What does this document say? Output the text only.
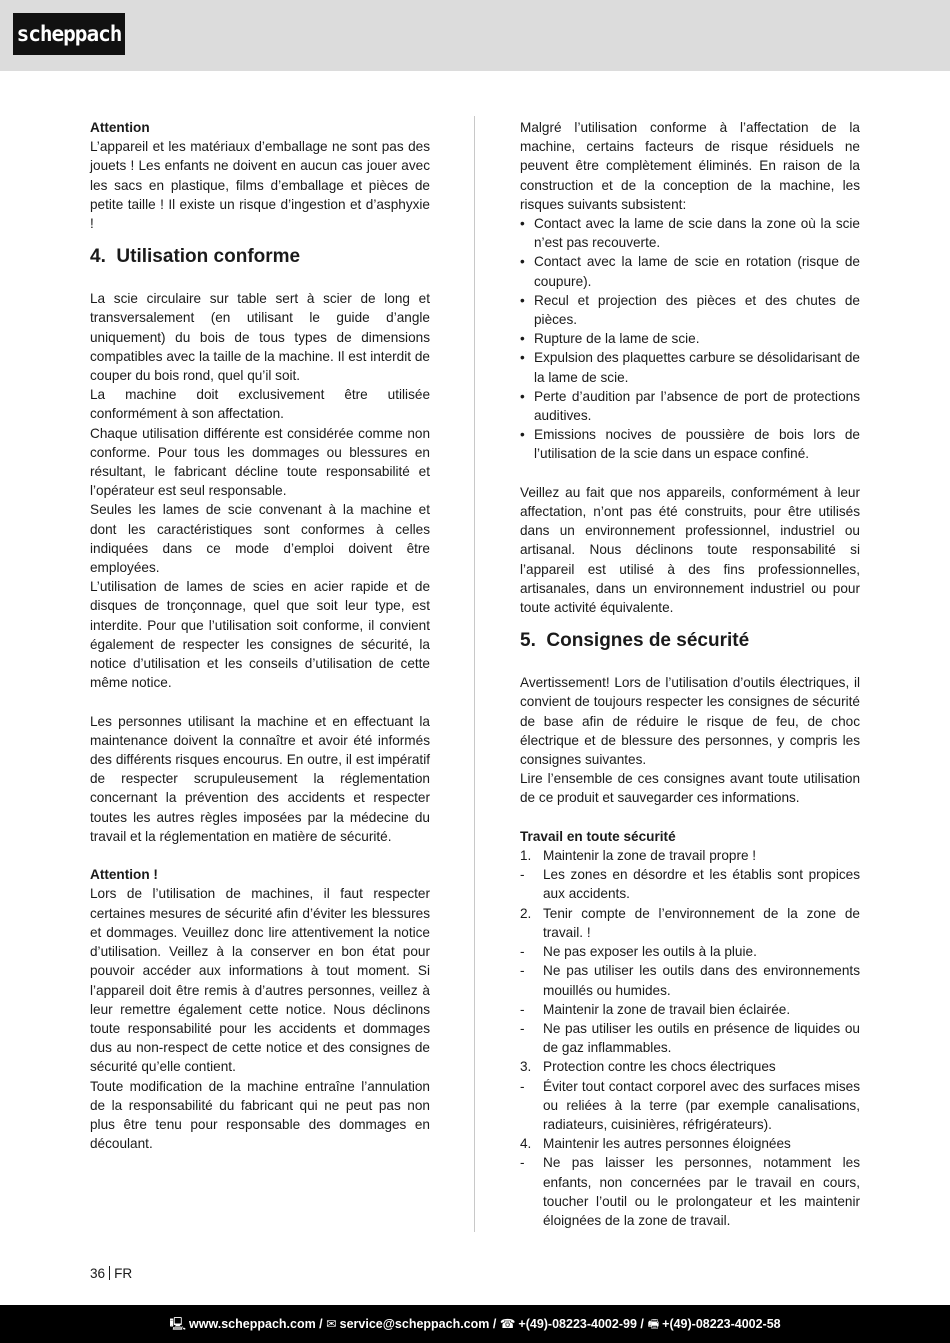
scheppach

Attention

L’appareil et les matériaux d’emballage ne sont pas des jouets ! Les enfants ne doivent en aucun cas jouer avec les sacs en plastique, films d’emballage et pièces de petite taille ! Il existe un risque d’ingestion et d’asphyxie !

4. Utilisation conforme

La scie circulaire sur table sert à scier de long et transversalement (en utilisant le guide d’angle uniquement) du bois de tous types de dimensions compatibles avec la taille de la machine. Il est interdit de couper du bois rond, quel qu’il soit.

La machine doit exclusivement être utilisée conformément à son affectation.

Chaque utilisation différente est considérée comme non conforme. Pour tous les dommages ou blessures en résultant, le fabricant décline toute responsabilité et l’opérateur est seul responsable.

Seules les lames de scie convenant à la machine et dont les caractéristiques sont conformes à celles indiquées dans ce mode d’emploi doivent être employées.

L’utilisation de lames de scies en acier rapide et de disques de tronçonnage, quel que soit leur type, est interdite. Pour que l’utilisation soit conforme, il convient également de respecter les consignes de sécurité, la notice d’utilisation et les conseils d’utilisation de cette même notice.

Les personnes utilisant la machine et en effectuant la maintenance doivent la connaître et avoir été informés des différents risques encourus. En outre, il est impératif de respecter scrupuleusement la réglementation concernant la prévention des accidents et respecter toutes les autres règles imposées par la médecine du travail et la réglementation en matière de sécurité.

Attention !

Lors de l’utilisation de machines, il faut respecter certaines mesures de sécurité afin d’éviter les blessures et dommages. Veuillez donc lire attentivement la notice d’utilisation. Veillez à la conserver en bon état pour pouvoir accéder aux informations à tout moment. Si l’appareil doit être remis à d’autres personnes, veillez à leur remettre également cette notice. Nous déclinons toute responsabilité pour les accidents et dommages dus au non-respect de cette notice et des consignes de sécurité qu’elle contient.

Toute modification de la machine entraîne l’annulation de la responsabilité du fabricant qui ne peut pas non plus être tenu pour responsable des dommages en découlant.

Malgré l’utilisation conforme à l’affectation de la machine, certains facteurs de risque résiduels ne peuvent être complètement éliminés. En raison de la construction et de la conception de la machine, les risques suivants subsistent:

• Contact avec la lame de scie dans la zone où la scie n’est pas recouverte.
• Contact avec la lame de scie en rotation (risque de coupure).
• Recul et projection des pièces et des chutes de pièces.
• Rupture de la lame de scie.
• Expulsion des plaquettes carbure se désolidarisant de la lame de scie.
• Perte d’audition par l’absence de port de protections auditives.
• Emissions nocives de poussière de bois lors de l’utilisation de la scie dans un espace confiné.

Veillez au fait que nos appareils, conformément à leur affectation, n’ont pas été construits, pour être utilisés dans un environnement professionnel, industriel ou artisanal. Nous déclinons toute responsabilité si l’appareil est utilisé à des fins professionnelles, artisanales, dans un environnement industriel ou pour toute activité équivalente.

5. Consignes de sécurité

Avertissement! Lors de l’utilisation d’outils électriques, il convient de toujours respecter les consignes de sécurité de base afin de réduire le risque de feu, de choc électrique et de blessure des personnes, y compris les consignes suivantes.

Lire l’ensemble de ces consignes avant toute utilisation de ce produit et sauvegarder ces informations.

Travail en toute sécurité

1. Maintenir la zone de travail propre !
- Les zones en désordre et les établis sont propices aux accidents.
2. Tenir compte de l’environnement de la zone de travail. !
- Ne pas exposer les outils à la pluie.
- Ne pas utiliser les outils dans des environnements mouillés ou humides.
- Maintenir la zone de travail bien éclairée.
- Ne pas utiliser les outils en présence de liquides ou de gaz inflammables.
3. Protection contre les chocs électriques
- Éviter tout contact corporel avec des surfaces mises ou reliées à la terre (par exemple canalisations, radiateurs, cuisinières, réfrigérateurs).
4. Maintenir les autres personnes éloignées
- Ne pas laisser les personnes, notamment les enfants, non concernées par le travail en cours, toucher l’outil ou le prolongateur et les maintenir éloignées de la zone de travail.
36 FR
🖳 www.scheppach.com / ✉ service@scheppach.com / ☎ +(49)-08223-4002-99 / 🖷 +(49)-08223-4002-58
